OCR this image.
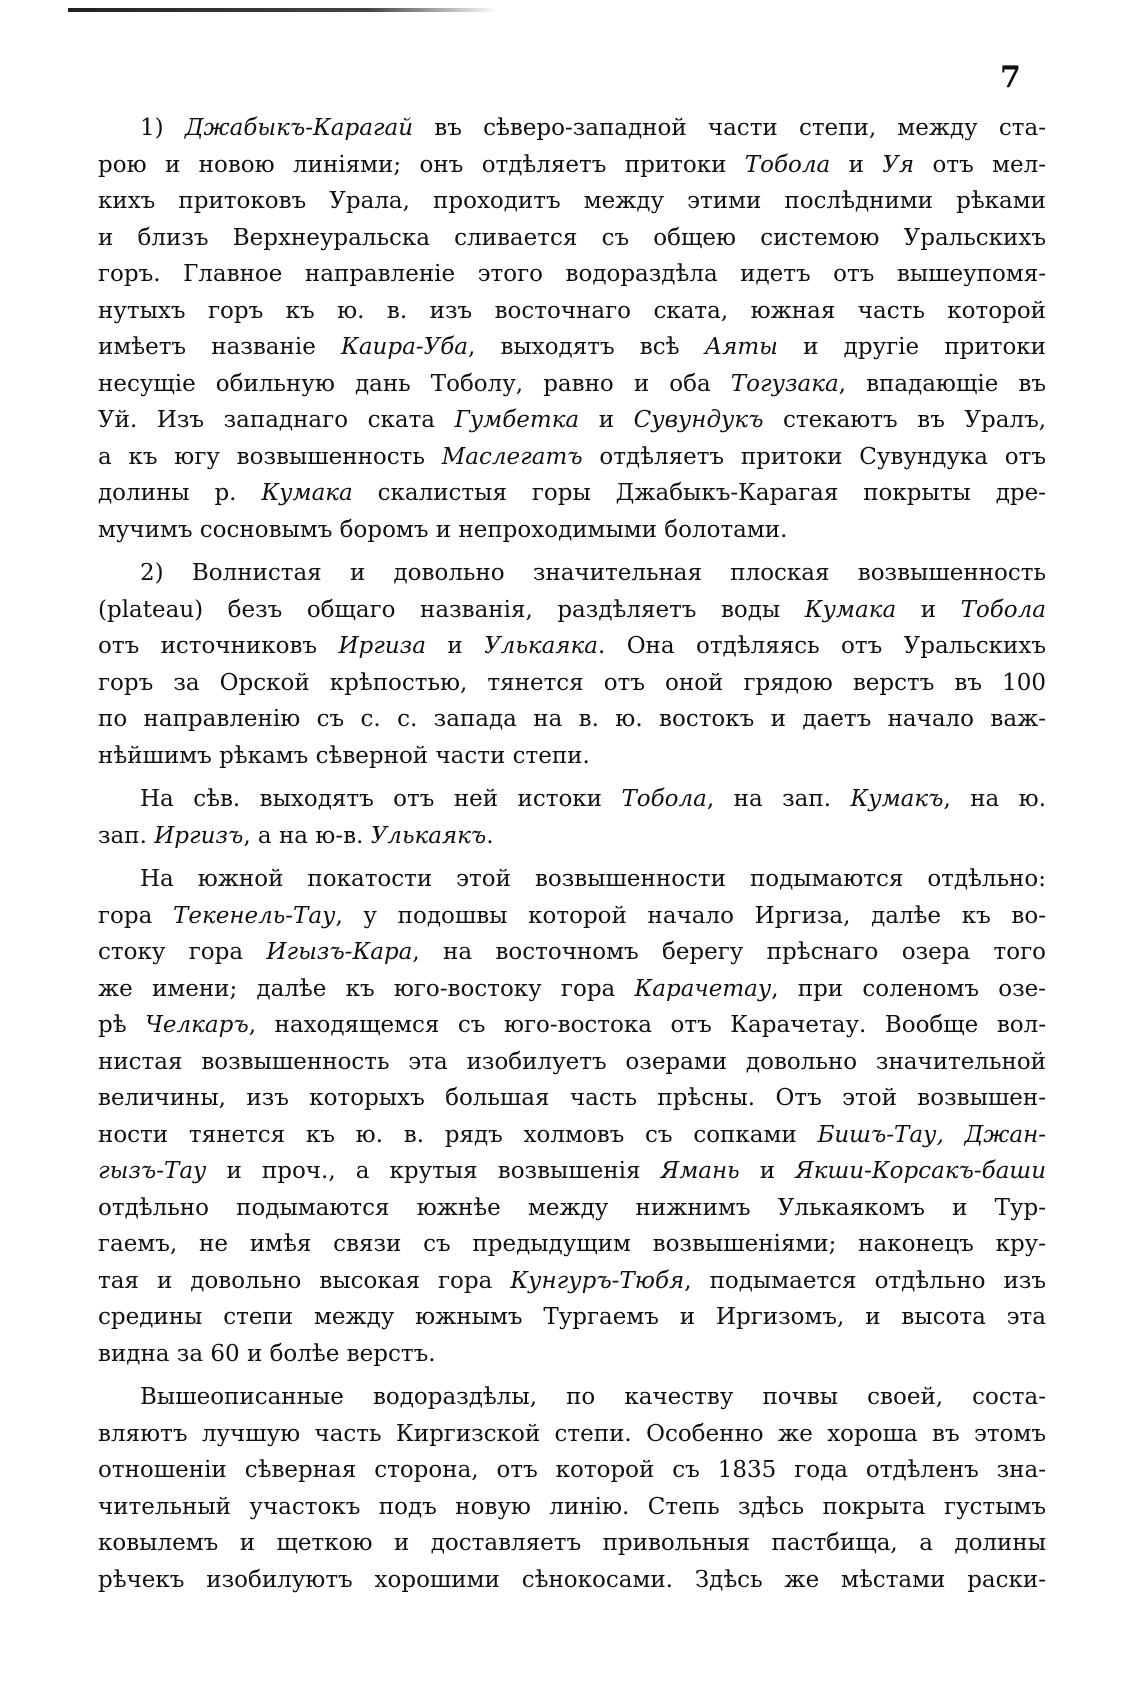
7
1) Джабыкъ-Карагай въ сѣверо-западной части степи, между ста-
рою и новою линiями; онъ отдѣляетъ притоки Тобола и Уя отъ мел-
кихъ притоковъ Урала, проходитъ между этими послѣдними рѣками
и близъ Верхнеуральска сливается съ общею системою Уральскихъ
горъ. Главное направленiе этого водораздѣла идетъ отъ вышеупомя-
нутыхъ горъ къ ю. в. изъ восточнаго ската, южная часть которой
имѣетъ названiе Каира-Уба, выходятъ всѣ Аяты и другiе притоки
несущiе обильную дань Тоболу, равно и оба Тогузака, впадающiе въ
Уй. Изъ западнаго ската Гумбетка и Сувундукъ стекаютъ въ Уралъ,
а къ югу возвышенность Маслегатъ отдѣляетъ притоки Сувундука отъ
долины р. Кумака скалистыя горы Джабыкъ-Карагая покрыты дре-
мучимъ сосновымъ боромъ и непроходимыми болотами.
2) Волнистая и довольно значительная плоская возвышенность
(plateau) безъ общаго названiя, раздѣляетъ воды Кумака и Тобола
отъ источниковъ Иргиза и Улькаяка. Она отдѣляясь отъ Уральскихъ
горъ за Орской крѣпостью, тянется отъ оной грядою верстъ въ 100
по направленiю съ с. с. запада на в. ю. востокъ и даетъ начало важ-
нѣйшимъ рѣкамъ сѣверной части степи.
На сѣв. выходятъ отъ ней истоки Тобола, на зап. Кумакъ, на ю.
зап. Иргизъ, а на ю-в. Улькаякъ.
На южной покатости этой возвышенности подымаются отдѣльно:
гора Текенель-Тау, у подошвы которой начало Иргиза, далѣе къ во-
стоку гора Игызъ-Кара, на восточномъ берегу прѣснаго озера того
же имени; далѣе къ юго-востоку гора Карачетау, при соленомъ озе-
рѣ Челкаръ, находящемся съ юго-востока отъ Карачетау. Вообще вол-
нистая возвышенность эта изобилуетъ озерами довольно значительной
величины, изъ которыхъ большая часть прѣсны. Отъ этой возвышен-
ности тянется къ ю. в. рядъ холмовъ съ сопками Бишъ-Тау, Джан-
гызъ-Тау и проч., а крутыя возвышенiя Ямань и Якши-Корсакъ-баши
отдѣльно подымаются южнѣе между нижнимъ Улькаякомъ и Тур-
гаемъ, не имѣя связи съ предыдущим возвышенiями; наконецъ кру-
тая и довольно высокая гора Кунгуръ-Тюбя, подымается отдѣльно изъ
средины степи между южнымъ Тургаемъ и Иргизомъ, и высота эта
видна за 60 и болѣе верстъ.
Вышеописанные водораздѣлы, по качеству почвы своей, соста-
вляютъ лучшую часть Киргизской степи. Особенно же хороша въ этомъ
отношенiи сѣверная сторона, отъ которой съ 1835 года отдѣленъ зна-
чительный участокъ подъ новую линiю. Степь здѣсь покрыта густымъ
ковылемъ и щеткою и доставляетъ привольныя пастбища, а долины
рѣчекъ изобилуютъ хорошими сѣнокосами. Здѣсь же мѣстами раски-
